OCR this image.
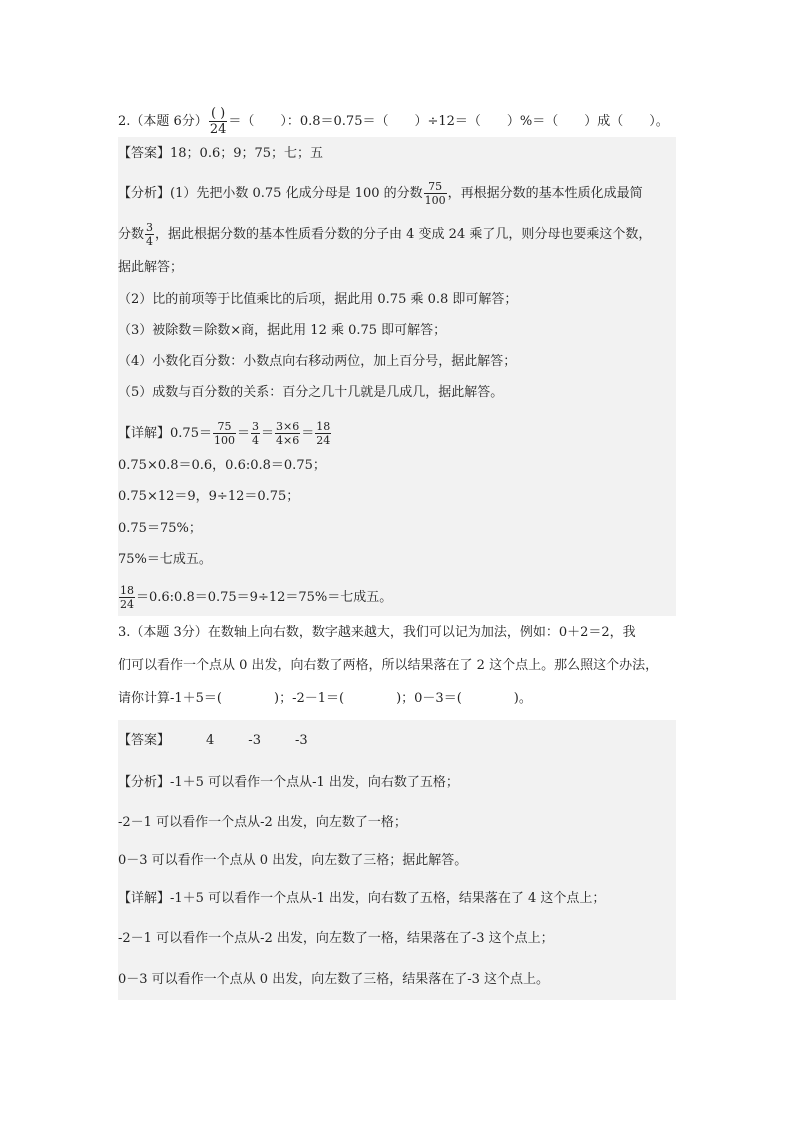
2.（本题 6分） $\frac{( )}{24}$ ＝（　　）：0.8＝0.75＝（　　）÷12＝（　　）%＝（　　）成（　　）。
【答案】18；0.6；9；75；七；五
【分析】(1）先把小数 0.75 化成分母是 100 的分数 $\frac{75}{100}$ ，再根据分数的基本性质化成最简
分数 $\frac{3}{4}$ ，据此根据分数的基本性质看分数的分子由 4 变成 24 乘了几，则分母也要乘这个数，
据此解答；
（2）比的前项等于比值乘比的后项，据此用 0.75 乘 0.8 即可解答；
（3）被除数＝除数×商，据此用 12 乘 0.75 即可解答；
（4）小数化百分数：小数点向右移动两位，加上百分号，据此解答；
（5）成数与百分数的关系：百分之几十几就是几成几，据此解答。
【详解】$0.75= \frac{75}{100} = \frac{3}{4} = \frac{3\times 6}{4\times 6} = \frac{18}{24}$
0.75×0.8＝0.6，0.6:0.8＝0.75；
0.75×12＝9，9÷12＝0.75；
0.75＝75%；
75%＝七成五。
$\frac{18}{24}$ ＝0.6:0.8＝0.75＝9÷12＝75%＝七成五。
3.（本题 3分）在数轴上向右数，数字越来越大，我们可以记为加法，例如：0＋2＝2，我
们可以看作一个点从 0 出发，向右数了两格，所以结果落在了 2 这个点上。那么照这个办法，
请你计算-1＋5＝(　　　　)；-2－1＝(　　　　)；0－3＝(　　　　)。
【答案】	4	-3	-3
【分析】-1＋5 可以看作一个点从-1 出发，向右数了五格；
-2－1 可以看作一个点从-2 出发，向左数了一格；
0－3 可以看作一个点从 0 出发，向左数了三格；据此解答。
【详解】-1＋5 可以看作一个点从-1 出发，向右数了五格，结果落在了 4 这个点上；
-2－1 可以看作一个点从-2 出发，向左数了一格，结果落在了-3 这个点上；
0－3 可以看作一个点从 0 出发，向左数了三格，结果落在了-3 这个点上。
